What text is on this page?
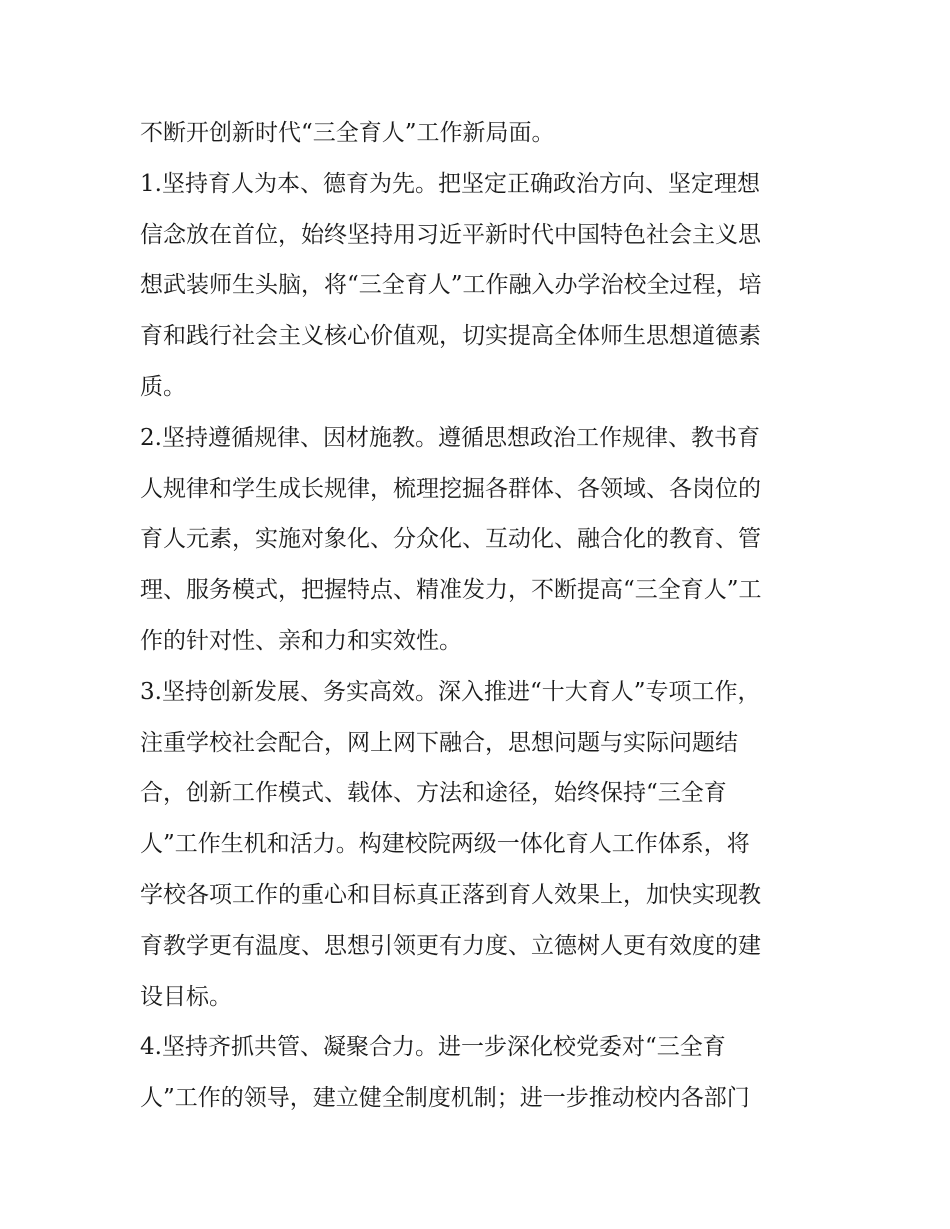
不断开创新时代“三全育人”工作新局面。
1.坚持育人为本、德育为先。把坚定正确政治方向、坚定理想
信念放在首位，始终坚持用习近平新时代中国特色社会主义思
想武装师生头脑，将“三全育人”工作融入办学治校全过程，培
育和践行社会主义核心价值观，切实提高全体师生思想道德素
质。
2.坚持遵循规律、因材施教。遵循思想政治工作规律、教书育
人规律和学生成长规律，梳理挖掘各群体、各领域、各岗位的
育人元素，实施对象化、分众化、互动化、融合化的教育、管
理、服务模式，把握特点、精准发力，不断提高“三全育人”工
作的针对性、亲和力和实效性。
3.坚持创新发展、务实高效。深入推进“十大育人”专项工作，
注重学校社会配合，网上网下融合，思想问题与实际问题结
合，创新工作模式、载体、方法和途径，始终保持“三全育
人”工作生机和活力。构建校院两级一体化育人工作体系，将
学校各项工作的重心和目标真正落到育人效果上，加快实现教
育教学更有温度、思想引领更有力度、立德树人更有效度的建
设目标。
4.坚持齐抓共管、凝聚合力。进一步深化校党委对“三全育
人”工作的领导，建立健全制度机制；进一步推动校内各部门
